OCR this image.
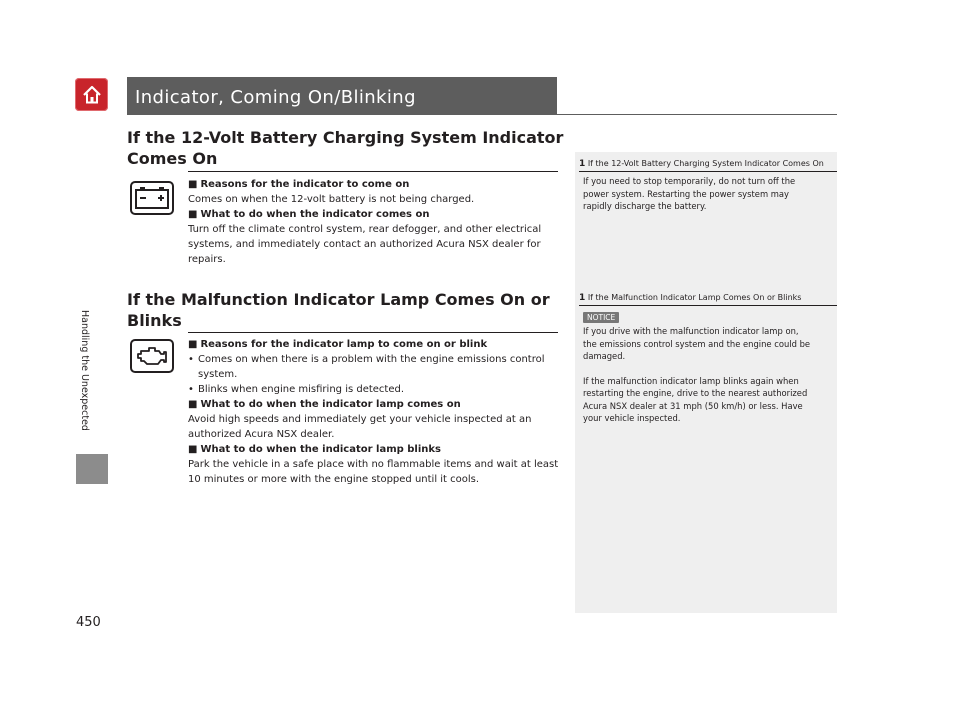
Indicator, Coming On/Blinking
Handling the Unexpected
450
If the 12-Volt Battery Charging System Indicator
Comes On

■ Reasons for the indicator to come on

Comes on when the 12-volt battery is not being charged.

■ What to do when the indicator comes on

Turn off the climate control system, rear defogger, and other electrical

systems, and immediately contact an authorized Acura NSX dealer for

repairs.

If the Malfunction Indicator Lamp Comes On or
Blinks

■ Reasons for the indicator lamp to come on or blink

• Comes on when there is a problem with the engine emissions control

system.

• Blinks when engine misfiring is detected.

■ What to do when the indicator lamp comes on

Avoid high speeds and immediately get your vehicle inspected at an

authorized Acura NSX dealer.

■ What to do when the indicator lamp blinks

Park the vehicle in a safe place with no flammable items and wait at least

10 minutes or more with the engine stopped until it cools.

1 If the 12-Volt Battery Charging System Indicator Comes On

If you need to stop temporarily, do not turn off the

power system. Restarting the power system may

rapidly discharge the battery.

1 If the Malfunction Indicator Lamp Comes On or Blinks
NOTICE

If you drive with the malfunction indicator lamp on,

the emissions control system and the engine could be

damaged.

If the malfunction indicator lamp blinks again when

restarting the engine, drive to the nearest authorized

Acura NSX dealer at 31 mph (50 km/h) or less. Have

your vehicle inspected.
